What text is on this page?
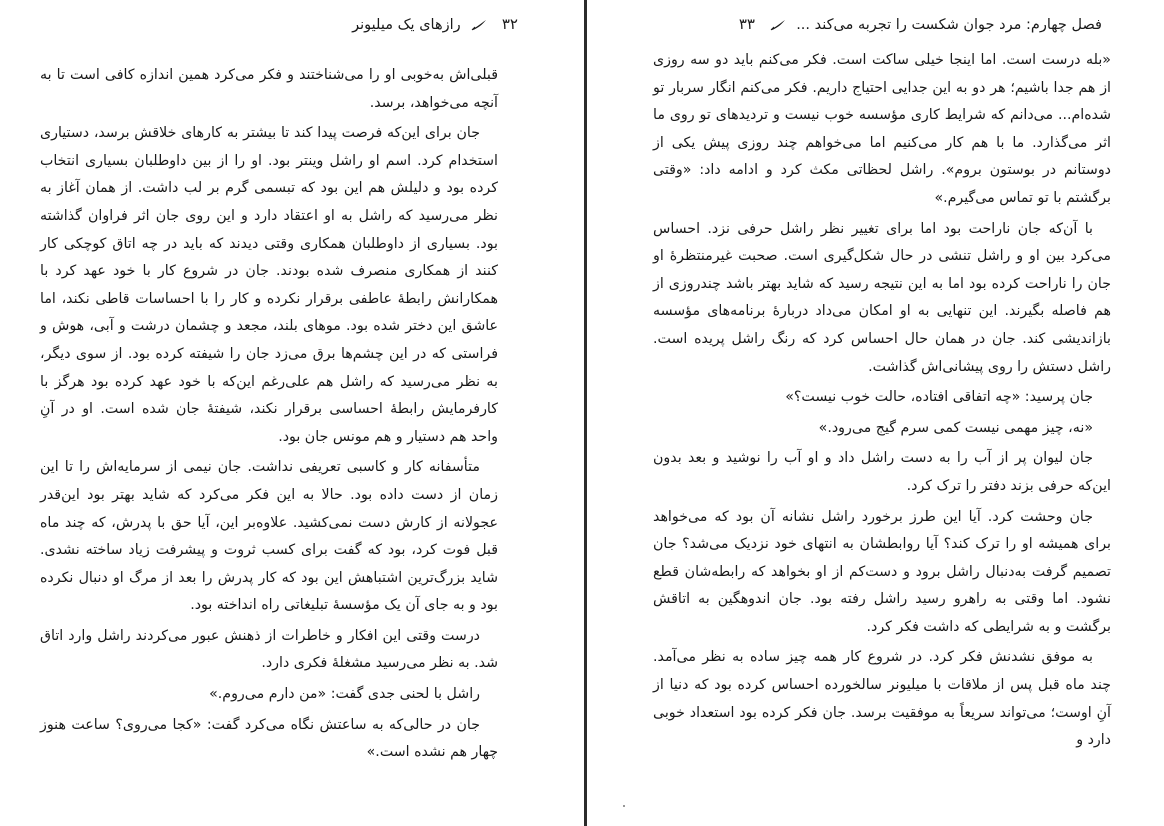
۳۲  رازهای یک میلیونر

قبلی‌اش به‌خوبی او را می‌شناختند و فکر می‌کرد همین اندازه کافی است تا به آنچه می‌خواهد، برسد.

جان برای این‌که فرصت پیدا کند تا بیشتر به کارهای خلاقش برسد، دستیاری استخدام کرد. اسم او راشل وینتر بود. او را از بین داوطلبان بسیاری انتخاب کرده بود و دلیلش هم این بود که تبسمی گرم بر لب داشت. از همان آغاز به نظر می‌رسید که راشل به او اعتقاد دارد و این روی جان اثر فراوان گذاشته بود. بسیاری از داوطلبان همکاری وقتی دیدند که باید در چه اتاق کوچکی کار کنند از همکاری منصرف شده بودند. جان در شروع کار با خود عهد کرد با همکارانش رابطهٔ عاطفی برقرار نکرده و کار را با احساسات قاطی نکند، اما عاشق این دختر شده بود. موهای بلند، مجعد و چشمان درشت و آبی، هوش و فراستی که در این چشم‌ها برق می‌زد جان را شیفته کرده بود. از سوی دیگر، به نظر می‌رسید که راشل هم علی‌رغم این‌که با خود عهد کرده بود هرگز با کارفرمایش رابطهٔ احساسی برقرار نکند، شیفتهٔ جان شده است. او در آنِ واحد هم دستیار و هم مونس جان بود.

متأسفانه کار و کاسبی تعریفی نداشت. جان نیمی از سرمایه‌اش را تا این زمان از دست داده بود. حالا به این فکر می‌کرد که شاید بهتر بود این‌قدر عجولانه از کارش دست نمی‌کشید. علاوه‌بر این، آیا حق با پدرش، که چند ماه قبل فوت کرد، بود که گفت برای کسب ثروت و پیشرفت زیاد ساخته نشدی. شاید بزرگ‌ترین اشتباهش این بود که کار پدرش را بعد از مرگ او دنبال نکرده بود و به جای آن یک مؤسسهٔ تبلیغاتی راه انداخته بود.

درست وقتی این افکار و خاطرات از ذهنش عبور می‌کردند راشل وارد اتاق شد. به نظر می‌رسید مشغلهٔ فکری دارد.

راشل با لحنی جدی گفت: «من دارم می‌روم.»

جان در حالی‌که به ساعتش نگاه می‌کرد گفت: «کجا می‌روی؟ ساعت هنوز چهار هم نشده است.»

فصل چهارم: مرد جوان شکست را تجربه می‌کند ...  ۳۳

«بله درست است. اما اینجا خیلی ساکت است. فکر می‌کنم باید دو سه روزی از هم جدا باشیم؛ هر دو به این جدایی احتیاج داریم. فکر می‌کنم انگار سربار تو شده‌ام... می‌دانم که شرایط کاری مؤسسه خوب نیست و تردیدهای تو روی ما اثر می‌گذارد. ما با هم کار می‌کنیم اما می‌خواهم چند روزی پیش یکی از دوستانم در بوستون بروم». راشل لحظاتی مکث کرد و ادامه داد: «وقتی برگشتم با تو تماس می‌گیرم.»

با آن‌که جان ناراحت بود اما برای تغییر نظر راشل حرفی نزد. احساس می‌کرد بین او و راشل تنشی در حال شکل‌گیری است. صحبت غیرمنتظرهٔ او جان را ناراحت کرده بود اما به این نتیجه رسید که شاید بهتر باشد چندروزی از هم فاصله بگیرند. این تنهایی به او امکان می‌داد دربارهٔ برنامه‌های مؤسسه بازاندیشی کند. جان در همان حال احساس کرد که رنگ راشل پریده است. راشل دستش را روی پیشانی‌اش گذاشت.

جان پرسید: «چه اتفاقی افتاده، حالت خوب نیست؟»

«نه، چیز مهمی نیست کمی سرم گیج می‌رود.»

جان لیوان پر از آب را به دست راشل داد و او آب را نوشید و بعد بدون این‌که حرفی بزند دفتر را ترک کرد.

جان وحشت کرد. آیا این طرز برخورد راشل نشانه آن بود که می‌خواهد برای همیشه او را ترک کند؟ آیا روابطشان به انتهای خود نزدیک می‌شد؟ جان تصمیم گرفت به‌دنبال راشل برود و دست‌کم از او بخواهد که رابطه‌شان قطع نشود. اما وقتی به راهرو رسید راشل رفته بود. جان اندوهگین به اتاقش برگشت و به شرایطی که داشت فکر کرد.

به موفق نشدنش فکر کرد. در شروع کار همه چیز ساده به نظر می‌آمد. چند ماه قبل پس از ملاقات با میلیونر سالخورده احساس کرده بود که دنیا از آنِ اوست؛ می‌تواند سریعاً به موفقیت برسد. جان فکر کرده بود استعداد خوبی دارد و
